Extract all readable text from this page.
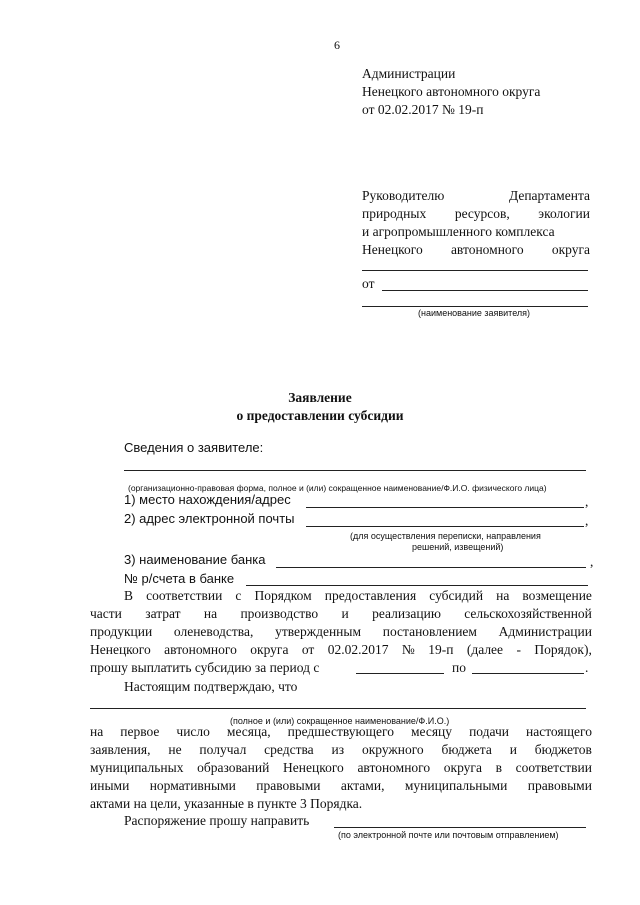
6
Администрации
Ненецкого автономного округа
от 02.02.2017 № 19-п
Руководителю	Департамента
природных ресурсов, экологии
и агропромышленного комплекса
Ненецкого автономного округа
от
(наименование заявителя)
Заявление
о предоставлении субсидии
Сведения о заявителе:
(организационно-правовая форма, полное и (или) сокращенное наименование/Ф.И.О. физического лица)
1) место нахождения/адрес	,
2) адрес электронной почты	,
(для осуществления переписки, направления
решений, извещений)
3) наименование банка	,
№ р/счета в банке
В соответствии с Порядком предоставления субсидий на возмещение
части затрат на производство и реализацию сельскохозяйственной
продукции оленеводства, утвержденным постановлением Администрации
Ненецкого автономного округа от 02.02.2017 № 19-п (далее - Порядок),
прошу выплатить субсидию за период с	по	.
Настоящим подтверждаю, что
(полное и (или) сокращенное наименование/Ф.И.О.)
на первое число месяца, предшествующего месяцу подачи настоящего
заявления, не получал средства из окружного бюджета и бюджетов
муниципальных образований Ненецкого автономного округа в соответствии
иными нормативными правовыми актами, муниципальными правовыми
актами на цели, указанные в пункте 3 Порядка.
Распоряжение прошу направить
(по электронной почте или почтовым отправлением)
